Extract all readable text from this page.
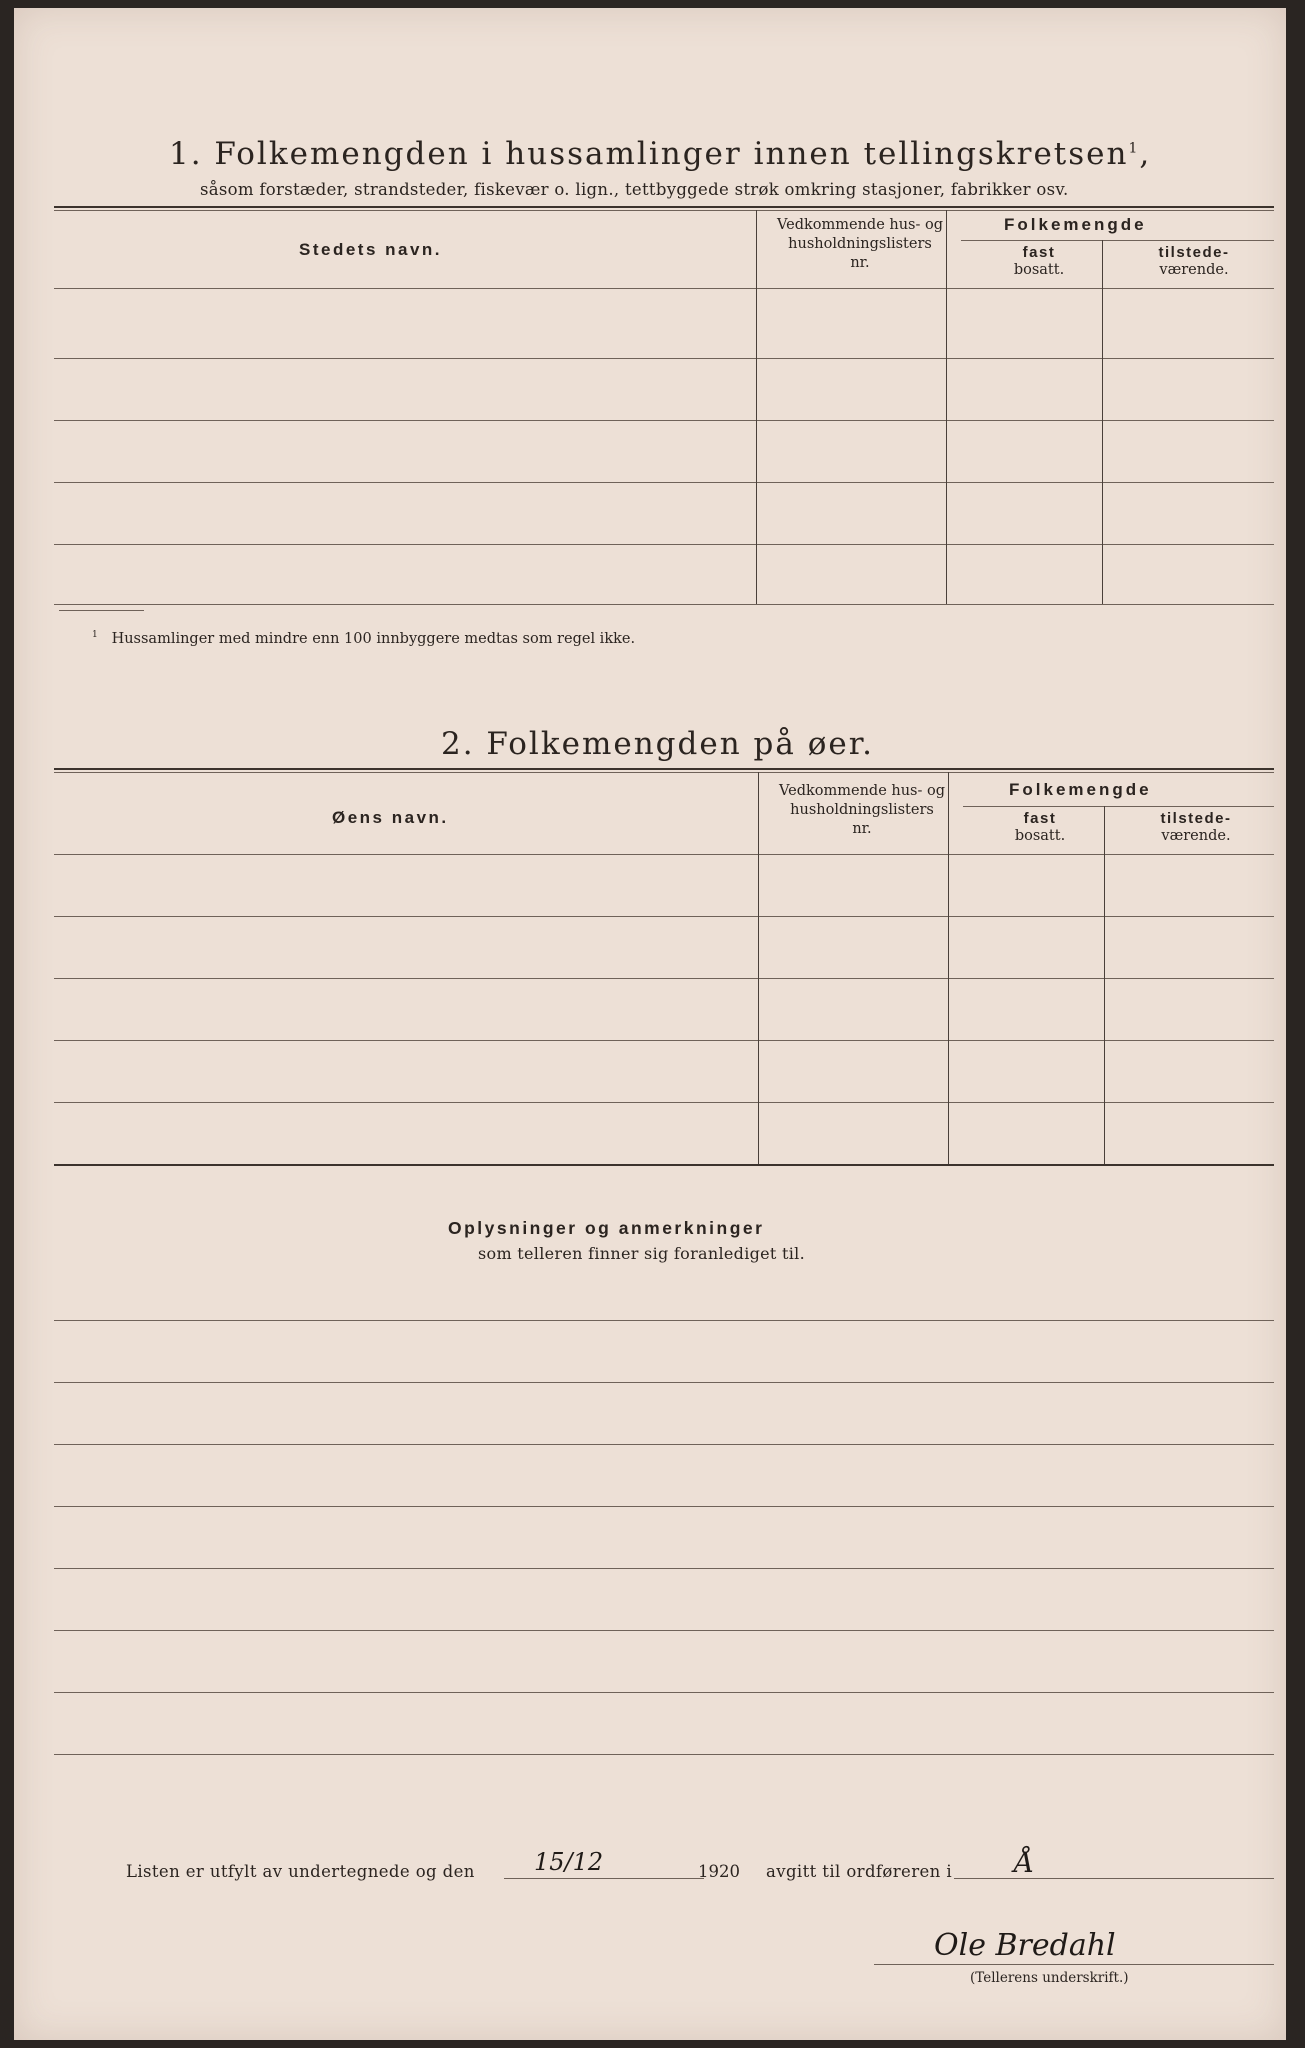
1. Folkemengden i hussamlinger innen tellingskretsen$^1$,
såsom forstæder, strandsteder, fiskevær o. lign., tettbyggede strøk omkring stasjoner, fabrikker osv.
Stedets navn.
Vedkommende hus- og
husholdningslisters
nr.
Folkemengde
fast
bosatt.
tilstede-
værende.
$^1$ Hussamlinger med mindre enn 100 innbyggere medtas som regel ikke.
2. Folkemengden på øer.
Øens navn.
Vedkommende hus- og
husholdningslisters
nr.
Folkemengde
fast
bosatt.
tilstede-
værende.
Oplysninger og anmerkninger
som telleren finner sig foranlediget til.
Listen er utfylt av undertegnede og den 15/12	1920 avgitt til ordføreren i Å
Ole Bredahl
(Tellerens underskrift.)
